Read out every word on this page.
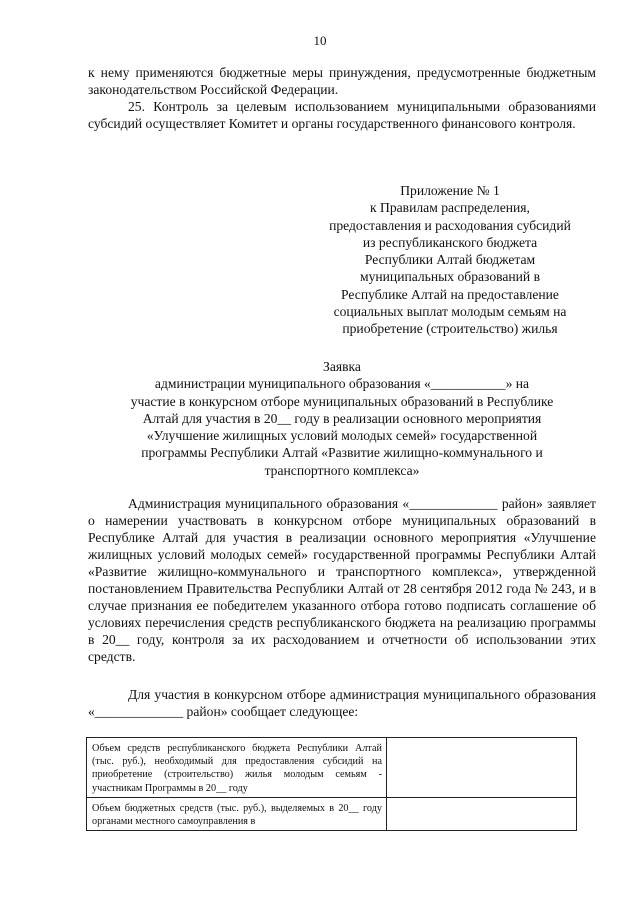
10
к нему применяются бюджетные меры принуждения, предусмотренные бюджетным законодательством Российской Федерации.
25. Контроль за целевым использованием муниципальными образованиями субсидий осуществляет Комитет и органы государственного финансового контроля.
Приложение № 1
к Правилам распределения,
предоставления и расходования субсидий
из республиканского бюджета
Республики Алтай бюджетам
муниципальных образований в
Республике Алтай на предоставление
социальных выплат молодым семьям на
приобретение (строительство) жилья
Заявка
администрации муниципального образования «___________» на
участие в конкурсном отборе муниципальных образований в Республике
Алтай для участия в 20__ году в реализации основного мероприятия
«Улучшение жилищных условий молодых семей» государственной
программы Республики Алтай «Развитие жилищно-коммунального и
транспортного комплекса»
Администрация муниципального образования «_____________ район» заявляет о намерении участвовать в конкурсном отборе муниципальных образований в Республике Алтай для участия в реализации основного мероприятия «Улучшение жилищных условий молодых семей» государственной программы Республики Алтай «Развитие жилищно-коммунального и транспортного комплекса», утвержденной постановлением Правительства Республики Алтай от 28 сентября 2012 года № 243, и в случае признания ее победителем указанного отбора готово подписать соглашение об условиях перечисления средств республиканского бюджета на реализацию программы в 20__ году, контроля за их расходованием и отчетности об использовании этих средств.
Для участия в конкурсном отборе администрация муниципального образования «_____________ район» сообщает следующее:
Объем средств республиканского бюджета Республики Алтай (тыс. руб.), необходимый для предоставления субсидий на приобретение (строительство) жилья молодым семьям - участникам Программы в 20__ году	
Объем бюджетных средств (тыс. руб.), выделяемых в 20__ году органами местного самоуправления в	
